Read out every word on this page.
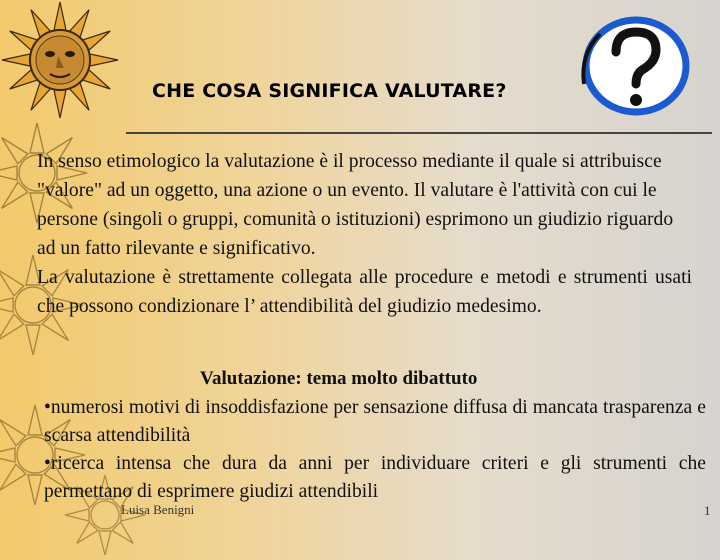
CHE COSA SIGNIFICA VALUTARE?

In senso etimologico la valutazione è il processo mediante il quale si attribuisce "valore" ad un oggetto, una azione o un evento. Il valutare è l'attività con cui le persone (singoli o gruppi, comunità o istituzioni) esprimono un giudizio riguardo ad un fatto rilevante e significativo.

La valutazione è strettamente collegata alle procedure e metodi e strumenti usati che possono condizionare l’ attendibilità del giudizio medesimo.

Valutazione: tema molto dibattuto

•numerosi motivi di insoddisfazione per sensazione diffusa di mancata trasparenza e scarsa attendibilità

•ricerca intensa che dura da anni per individuare criteri e gli strumenti che permettano di esprimere giudizi attendibili

Luisa Benigni	1
